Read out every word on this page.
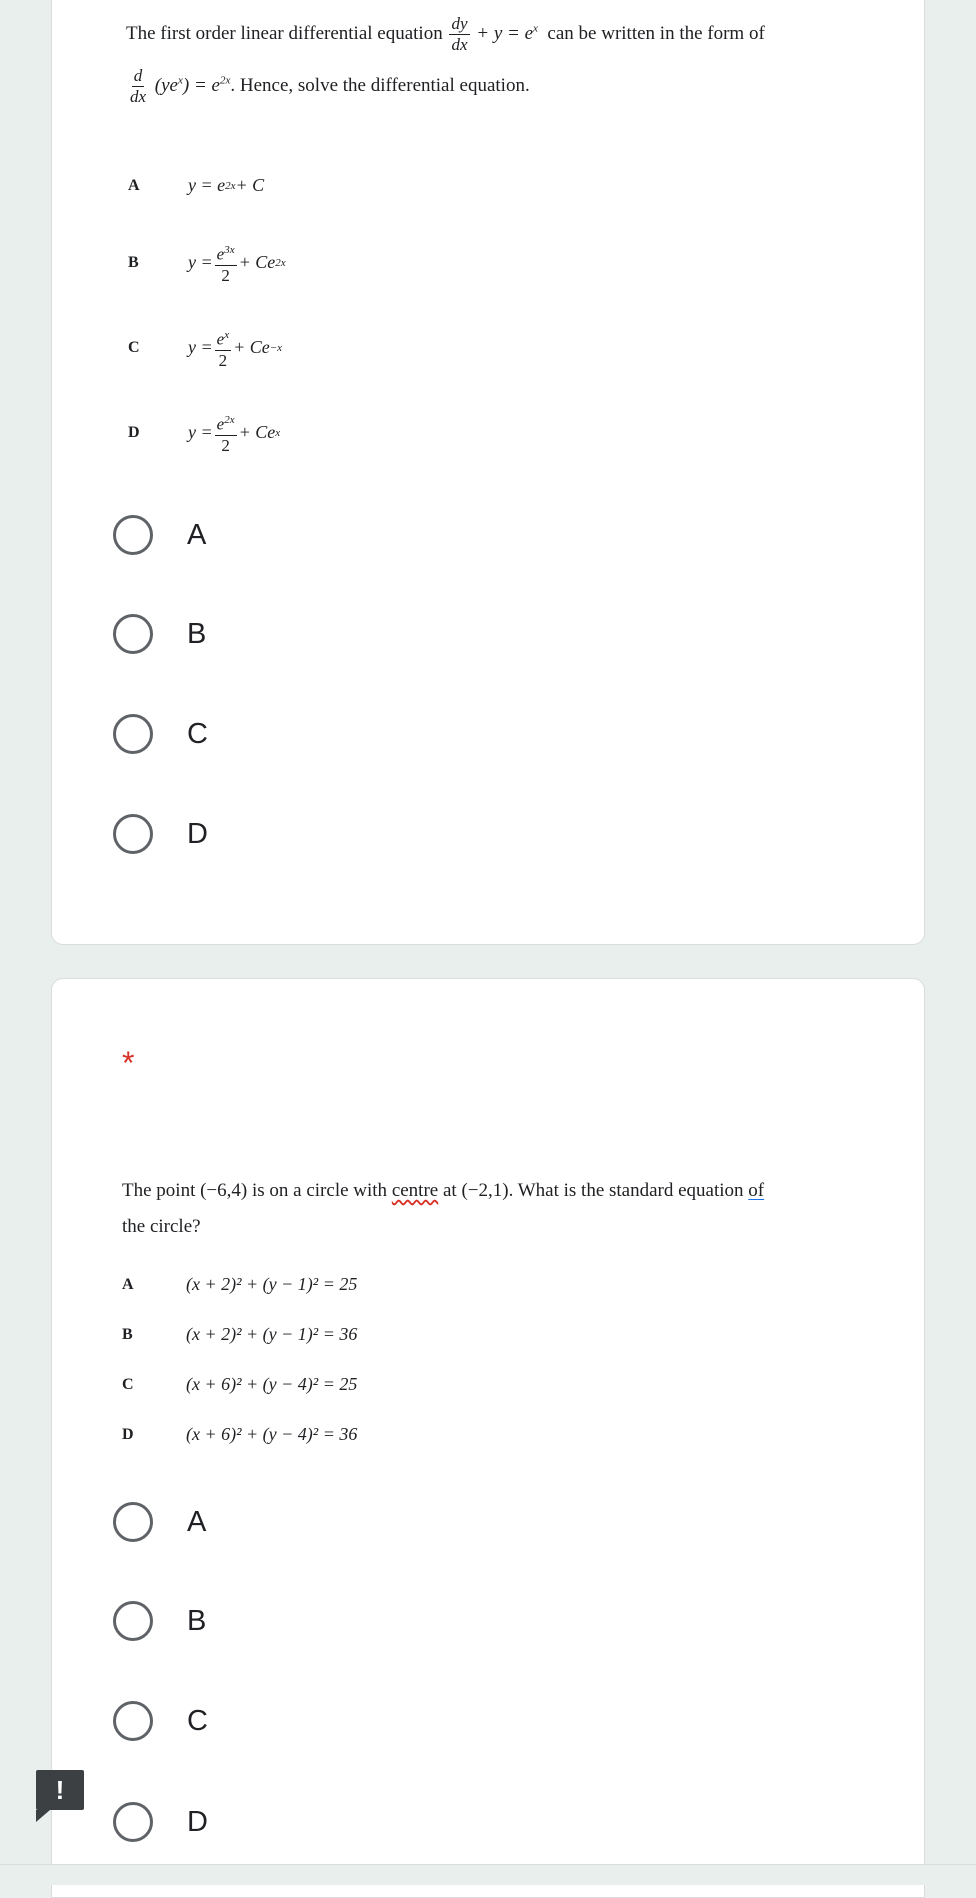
The first order linear differential equation $\frac{dy}{dx} + y = e^x$ can be written in the form of
$\frac{d}{dx} (ye^x) = e^{2x}$. Hence, solve the differential equation.
A	y = e 2x + C
B	$y = \frac{e^{3x}}{2} + Ce$ 2x
C	$y = \frac{e^x}{2} + Ce -x$
D	$y = \frac{e^{2x}}{2} + Ce$ x
A
B
C
D
*
The point (−6,4) is on a circle with centre at (−2,1). What is the standard equation of
the circle?
A	(x + 2)² + (y − 1)² = 25
B	(x + 2)² + (y − 1)² = 36
C	(x + 6)² + (y − 4)² = 25
D	(x + 6)² + (y − 4)² = 36
A
B
C
D
!
